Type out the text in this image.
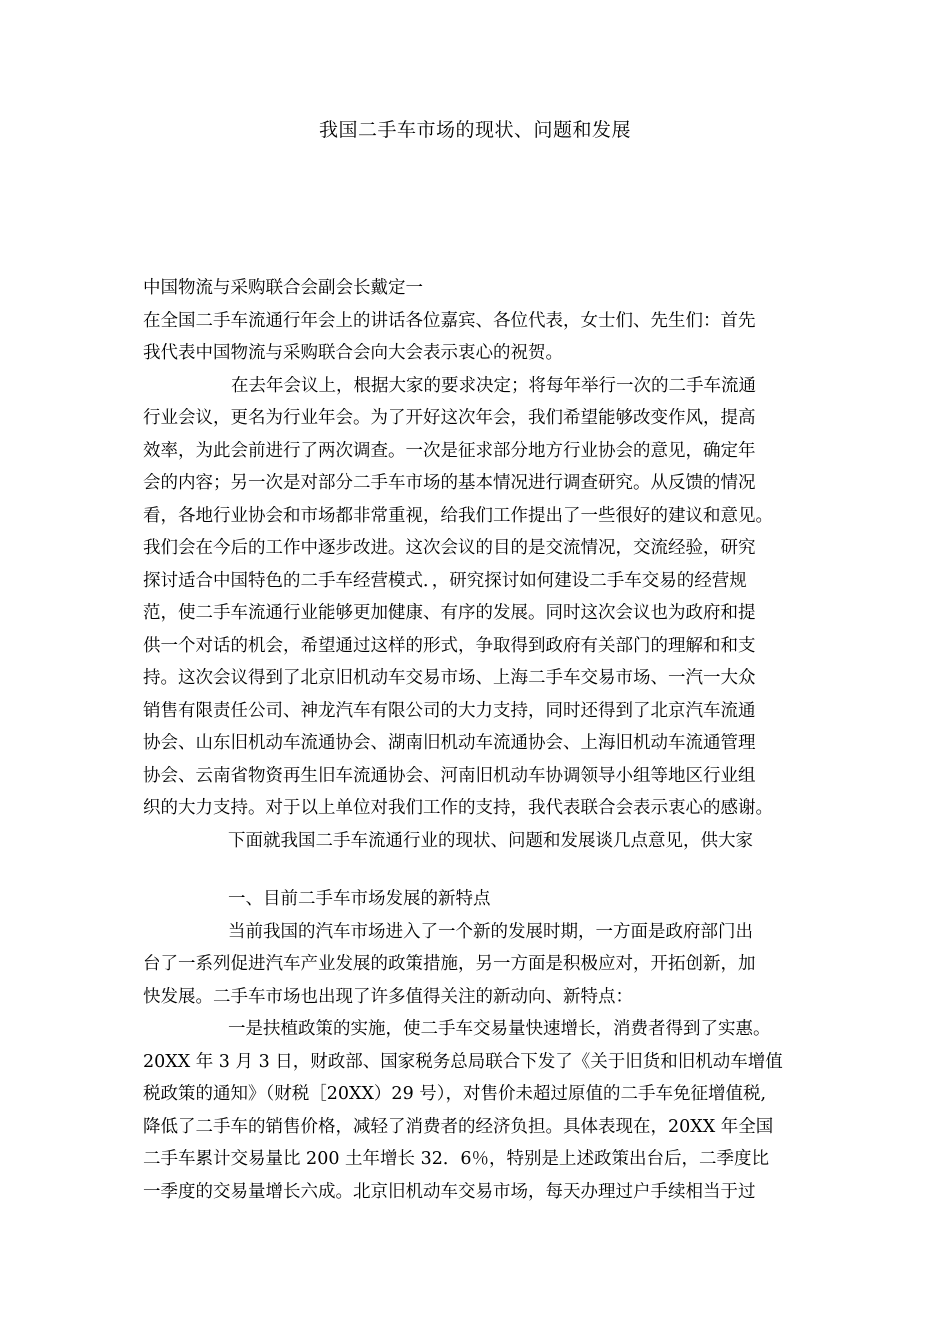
我国二手车市场的现状、问题和发展
中国物流与采购联合会副会长戴定一
在全国二手车流通行年会上的讲话各位嘉宾、各位代表，女士们、先生们：首先
我代表中国物流与采购联合会向大会表示衷心的祝贺。
在去年会议上，根据大家的要求决定；将每年举行一次的二手车流通
行业会议，更名为行业年会。为了开好这次年会，我们希望能够改变作风，提高
效率，为此会前进行了两次调查。一次是征求部分地方行业协会的意见，确定年
会的内容；另一次是对部分二手车市场的基本情况进行调查研究。从反馈的情况
看，各地行业协会和市场都非常重视，给我们工作提出了一些很好的建议和意见。
我们会在今后的工作中逐步改进。这次会议的目的是交流情况，交流经验，研究
探讨适合中国特色的二手车经营模式．，研究探讨如何建设二手车交易的经营规
范，使二手车流通行业能够更加健康、有序的发展。同时这次会议也为政府和提
供一个对话的机会，希望通过这样的形式，争取得到政府有关部门的理解和和支
持。这次会议得到了北京旧机动车交易市场、上海二手车交易市场、一汽一大众
销售有限责任公司、神龙汽车有限公司的大力支持，同时还得到了北京汽车流通
协会、山东旧机动车流通协会、湖南旧机动车流通协会、上海旧机动车流通管理
协会、云南省物资再生旧车流通协会、河南旧机动车协调领导小组等地区行业组
织的大力支持。对于以上单位对我们工作的支持，我代表联合会表示衷心的感谢。
下面就我国二手车流通行业的现状、问题和发展谈几点意见，供大家
一、目前二手车市场发展的新特点
当前我国的汽车市场进入了一个新的发展时期，一方面是政府部门出
台了一系列促进汽车产业发展的政策措施，另一方面是积极应对，开拓创新，加
快发展。二手车市场也出现了许多值得关注的新动向、新特点：
一是扶植政策的实施，使二手车交易量快速增长，消费者得到了实惠。
20XX 年 3 月 3 日，财政部、国家税务总局联合下发了《关于旧货和旧机动车增值
税政策的通知》（财税［20XX）29 号），对售价未超过原值的二手车免征增值税,
降低了二手车的销售价格，减轻了消费者的经济负担。具体表现在，20XX 年全国
二手车累计交易量比 200 土年增长 32．6％，特别是上述政策出台后，二季度比
一季度的交易量增长六成。北京旧机动车交易市场，每天办理过户手续相当于过
